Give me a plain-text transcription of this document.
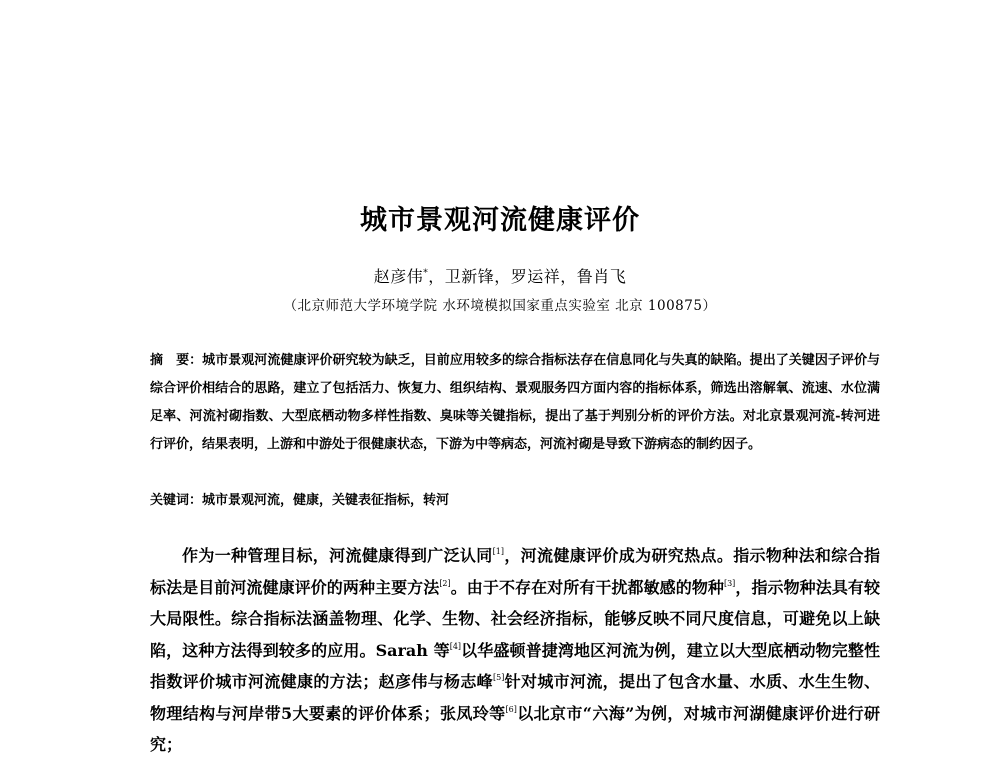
城市景观河流健康评价
赵彦伟*，卫新锋，罗运祥，鲁肖飞
（北京师范大学环境学院 水环境模拟国家重点实验室 北京 100875）
摘　要：城市景观河流健康评价研究较为缺乏，目前应用较多的综合指标法存在信息同化与失真的缺陷。提出了关键因子评价与综合评价相结合的思路，建立了包括活力、恢复力、组织结构、景观服务四方面内容的指标体系，筛选出溶解氧、流速、水位满足率、河流衬砌指数、大型底栖动物多样性指数、臭味等关键指标，提出了基于判别分析的评价方法。对北京景观河流-转河进行评价，结果表明，上游和中游处于很健康状态，下游为中等病态，河流衬砌是导致下游病态的制约因子。
关键词：城市景观河流，健康，关键表征指标，转河

作为一种管理目标，河流健康得到广泛认同[1]，河流健康评价成为研究热点。指示物种法和综合指标法是目前河流健康评价的两种主要方法[2]。由于不存在对所有干扰都敏感的物种[3]，指示物种法具有较大局限性。综合指标法涵盖物理、化学、生物、社会经济指标，能够反映不同尺度信息，可避免以上缺陷，这种方法得到较多的应用。Sarah 等[4]以华盛顿普捷湾地区河流为例，建立以大型底栖动物完整性指数评价城市河流健康的方法；赵彦伟与杨志峰[5]针对城市河流，提出了包含水量、水质、水生生物、物理结构与河岸带5大要素的评价体系；张凤玲等[6]以北京市“六海”为例，对城市河湖健康评价进行研究；
